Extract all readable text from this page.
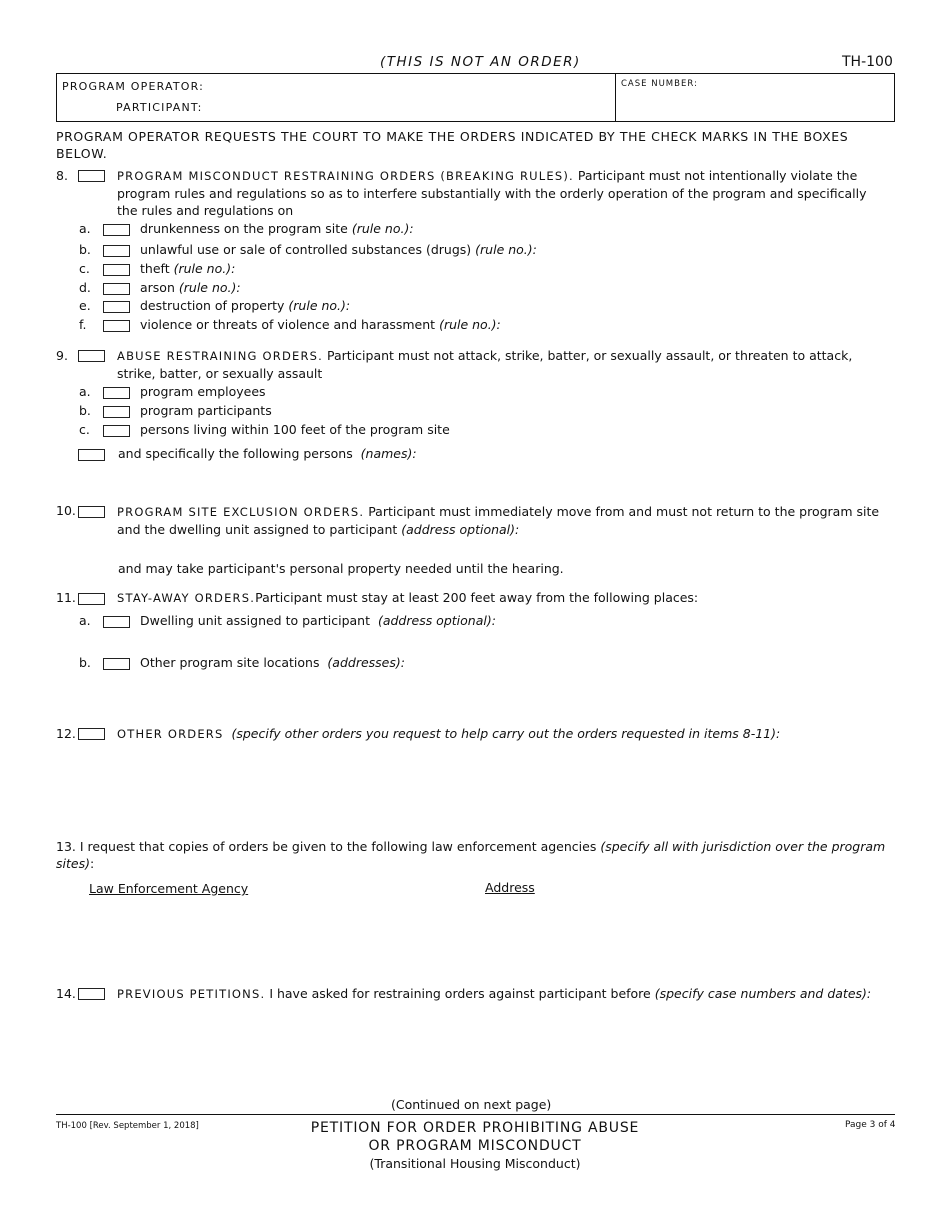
(THIS IS NOT AN ORDER)	TH-100
PROGRAM OPERATOR:
PARTICIPANT:
CASE NUMBER:
PROGRAM OPERATOR REQUESTS THE COURT TO MAKE THE ORDERS INDICATED BY THE CHECK MARKS IN THE BOXES BELOW.
8.	PROGRAM MISCONDUCT RESTRAINING ORDERS (BREAKING RULES). Participant must not intentionally violate the program rules and regulations so as to interfere substantially with the orderly operation of the program and specifically the rules and regulations on
a.	drunkenness on the program site (rule no.):
b.	unlawful use or sale of controlled substances (drugs) (rule no.):
c.	theft (rule no.):
d.	arson (rule no.):
e.	destruction of property (rule no.):
f.	violence or threats of violence and harassment (rule no.):
9.	ABUSE RESTRAINING ORDERS. Participant must not attack, strike, batter, or sexually assault, or threaten to attack, strike, batter, or sexually assault
a.	program employees
b.	program participants
c.	persons living within 100 feet of the program site
and specifically the following persons (names):
10.	PROGRAM SITE EXCLUSION ORDERS. Participant must immediately move from and must not return to the program site and the dwelling unit assigned to participant (address optional):
and may take participant's personal property needed until the hearing.
11.	STAY-AWAY ORDERS.Participant must stay at least 200 feet away from the following places:
a.	Dwelling unit assigned to participant (address optional):
b.	Other program site locations (addresses):
12.	OTHER ORDERS (specify other orders you request to help carry out the orders requested in items 8-11):
13. I request that copies of orders be given to the following law enforcement agencies (specify all with jurisdiction over the program sites):
Law Enforcement Agency	Address
14.	PREVIOUS PETITIONS. I have asked for restraining orders against participant before (specify case numbers and dates):
(Continued on next page)
TH-100 [Rev. September 1, 2018]	PETITION FOR ORDER PROHIBITING ABUSE
OR PROGRAM MISCONDUCT
(Transitional Housing Misconduct)
Page 3 of 4
